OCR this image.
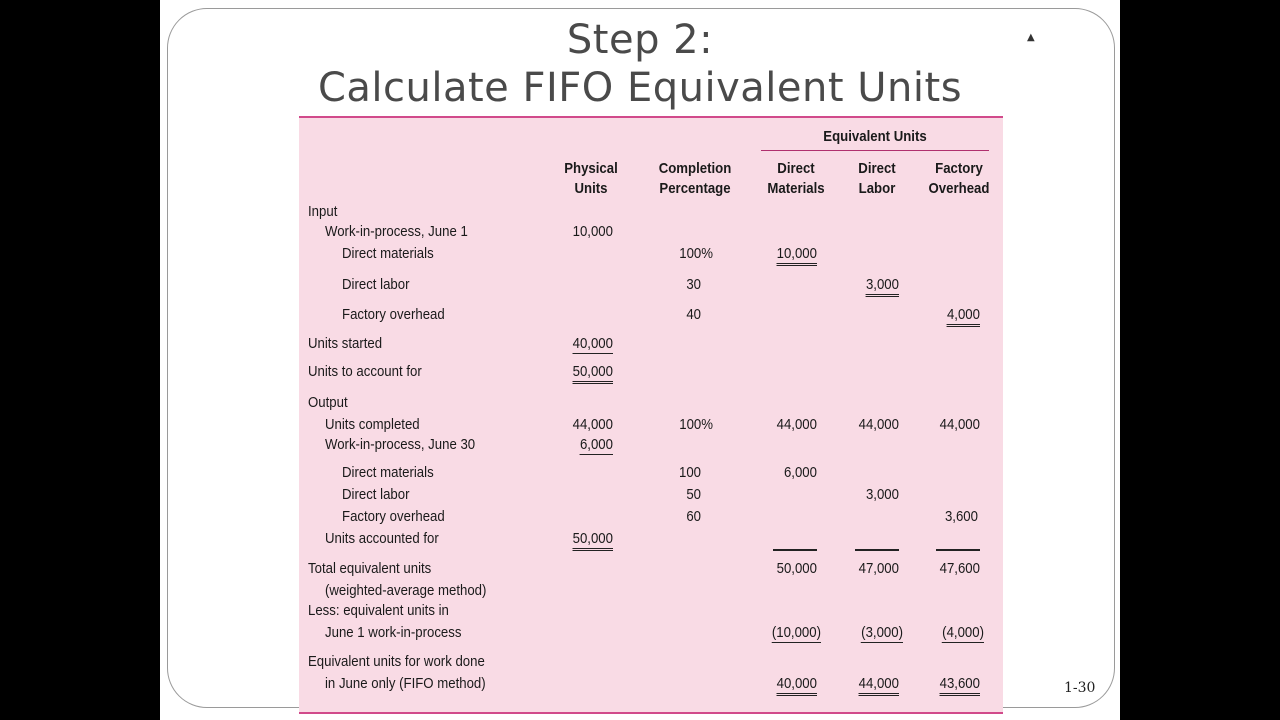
Step 2:
Calculate FIFO Equivalent Units
▲
Equivalent Units
Physical
Units
Completion
Percentage
Direct
Materials
Direct
Labor
Factory
Overhead
Input
Work-in-process, June 1
Direct materials
Direct labor
Factory overhead
Units started
Units to account for
Output
Units completed
Work-in-process, June 30
Direct materials
Direct labor
Factory overhead
Units accounted for
Total equivalent units
(weighted-average method)
Less: equivalent units in
June 1 work-in-process
Equivalent units for work done
in June only (FIFO method)
10,000
40,000
50,000
44,000
6,000
50,000
100%
30
40
100%
100
50
60
10,000
44,000
6,000
50,000
(10,000)
40,000
3,000
44,000
3,000
47,000
(3,000)
44,000
4,000
44,000
3,600
47,600
(4,000)
43,600	1-30
